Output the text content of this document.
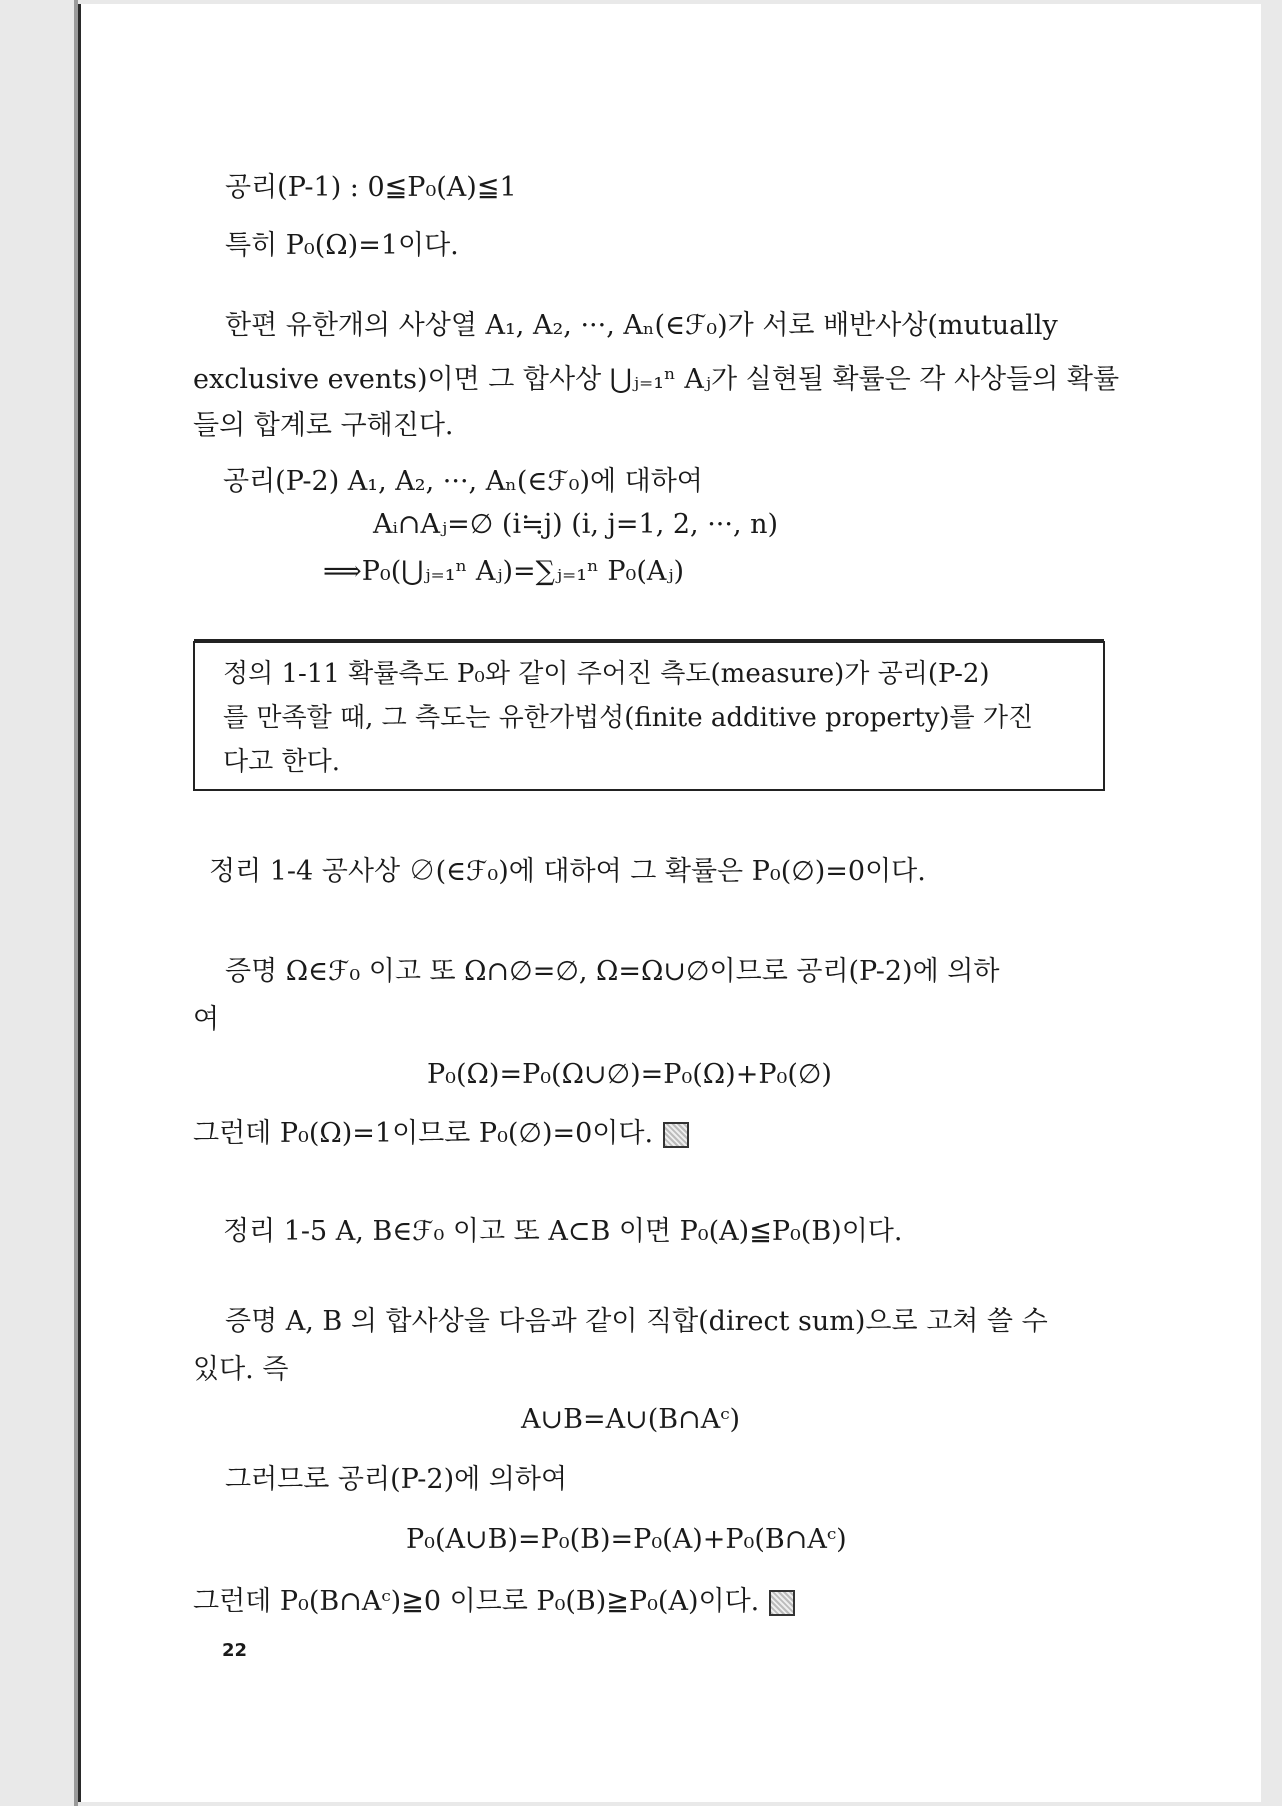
공리(P-1) : 0≦P₀(A)≦1
특히 P₀(Ω)=1이다.
한편 유한개의 사상열 A₁, A₂, ···, Aₙ(∈ℱ₀)가 서로 배반사상(mutually
exclusive events)이면 그 합사상 ⋃ⱼ₌₁ⁿ Aⱼ가 실현될 확률은 각 사상들의 확률
들의 합계로 구해진다.
공리(P-2) A₁, A₂, ···, Aₙ(∈ℱ₀)에 대하여
Aᵢ∩Aⱼ=∅ (i≒j) (i, j=1, 2, ···, n)
⟹P₀(⋃ⱼ₌₁ⁿ Aⱼ)=∑ⱼ₌₁ⁿ P₀(Aⱼ)
정의 1-11 확률측도 P₀와 같이 주어진 측도(measure)가 공리(P-2)
를 만족할 때, 그 측도는 유한가법성(finite additive property)를 가진
다고 한다.
정리 1-4 공사상 ∅(∈ℱ₀)에 대하여 그 확률은 P₀(∅)=0이다.
증명 Ω∈ℱ₀ 이고 또 Ω∩∅=∅, Ω=Ω∪∅이므로 공리(P-2)에 의하
여
P₀(Ω)=P₀(Ω∪∅)=P₀(Ω)+P₀(∅)
그런데 P₀(Ω)=1이므로 P₀(∅)=0이다.
정리 1-5 A, B∈ℱ₀ 이고 또 A⊂B 이면 P₀(A)≦P₀(B)이다.
증명 A, B 의 합사상을 다음과 같이 직합(direct sum)으로 고쳐 쓸 수
있다. 즉
A∪B=A∪(B∩Aᶜ)
그러므로 공리(P-2)에 의하여
P₀(A∪B)=P₀(B)=P₀(A)+P₀(B∩Aᶜ)
그런데 P₀(B∩Aᶜ)≧0 이므로 P₀(B)≧P₀(A)이다.
22
